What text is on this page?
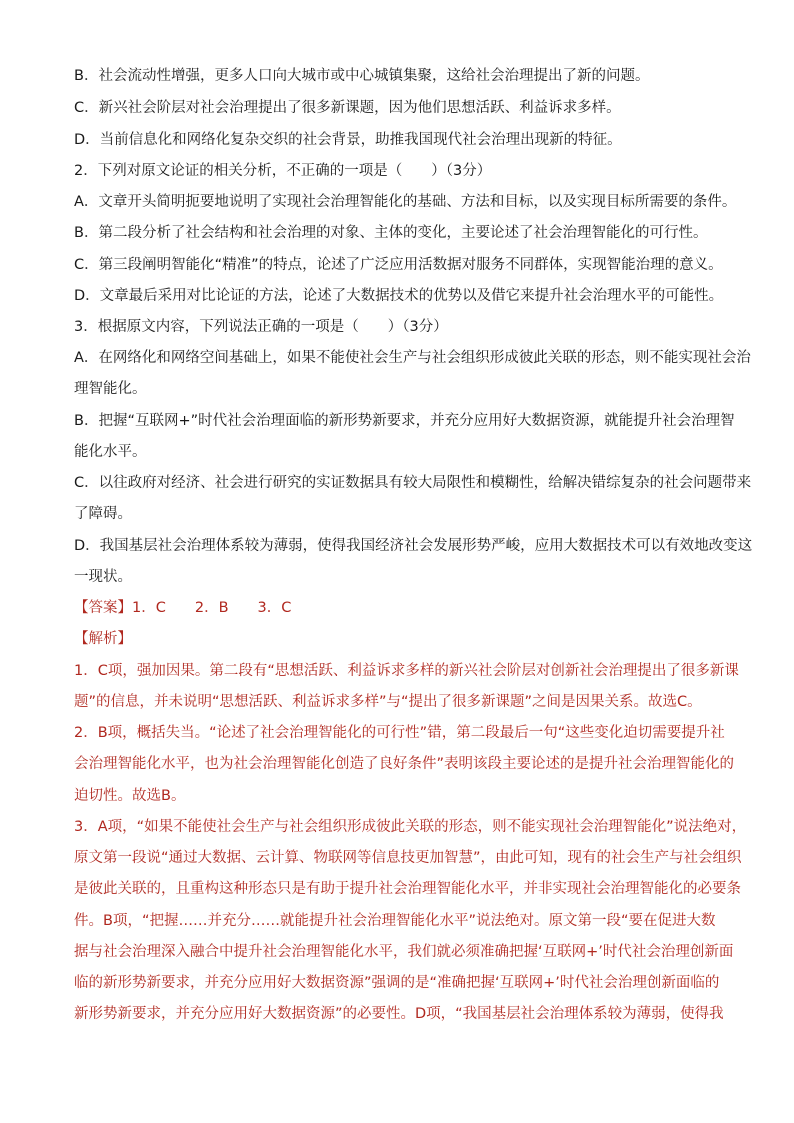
B．社会流动性增强，更多人口向大城市或中心城镇集聚，这给社会治理提出了新的问题。
C．新兴社会阶层对社会治理提出了很多新课题，因为他们思想活跃、利益诉求多样。
D．当前信息化和网络化复杂交织的社会背景，助推我国现代社会治理出现新的特征。
2．下列对原文论证的相关分析，不正确的一项是（　　）（3分）
A．文章开头简明扼要地说明了实现社会治理智能化的基础、方法和目标，以及实现目标所需要的条件。
B．第二段分析了社会结构和社会治理的对象、主体的变化，主要论述了社会治理智能化的可行性。
C．第三段阐明智能化“精准”的特点，论述了广泛应用活数据对服务不同群体，实现智能治理的意义。
D．文章最后采用对比论证的方法，论述了大数据技术的优势以及借它来提升社会治理水平的可能性。
3．根据原文内容，下列说法正确的一项是（　　）（3分）
A．在网络化和网络空间基础上，如果不能使社会生产与社会组织形成彼此关联的形态，则不能实现社会治
理智能化。
B．把握“互联网+”时代社会治理面临的新形势新要求，并充分应用好大数据资源，就能提升社会治理智
能化水平。
C．以往政府对经济、社会进行研究的实证数据具有较大局限性和模糊性，给解决错综复杂的社会问题带来
了障碍。
D．我国基层社会治理体系较为薄弱，使得我国经济社会发展形势严峻，应用大数据技术可以有效地改变这
一现状。
【答案】1．C　　2．B　　3．C
【解析】
1．C项，强加因果。第二段有“思想活跃、利益诉求多样的新兴社会阶层对创新社会治理提出了很多新课
题”的信息，并未说明“思想活跃、利益诉求多样”与“提出了很多新课题”之间是因果关系。故选C。
2．B项，概括失当。“论述了社会治理智能化的可行性”错，第二段最后一句“这些变化迫切需要提升社
会治理智能化水平，也为社会治理智能化创造了良好条件”表明该段主要论述的是提升社会治理智能化的
迫切性。故选B。
3．A项，“如果不能使社会生产与社会组织形成彼此关联的形态，则不能实现社会治理智能化”说法绝对，
原文第一段说“通过大数据、云计算、物联网等信息技更加智慧”，由此可知，现有的社会生产与社会组织
是彼此关联的，且重构这种形态只是有助于提升社会治理智能化水平，并非实现社会治理智能化的必要条
件。B项，“把握……并充分……就能提升社会治理智能化水平”说法绝对。原文第一段“要在促进大数
据与社会治理深入融合中提升社会治理智能化水平，我们就必须准确把握‘互联网+’时代社会治理创新面
临的新形势新要求，并充分应用好大数据资源”强调的是“准确把握‘互联网+’时代社会治理创新面临的
新形势新要求，并充分应用好大数据资源”的必要性。D项，“我国基层社会治理体系较为薄弱，使得我
